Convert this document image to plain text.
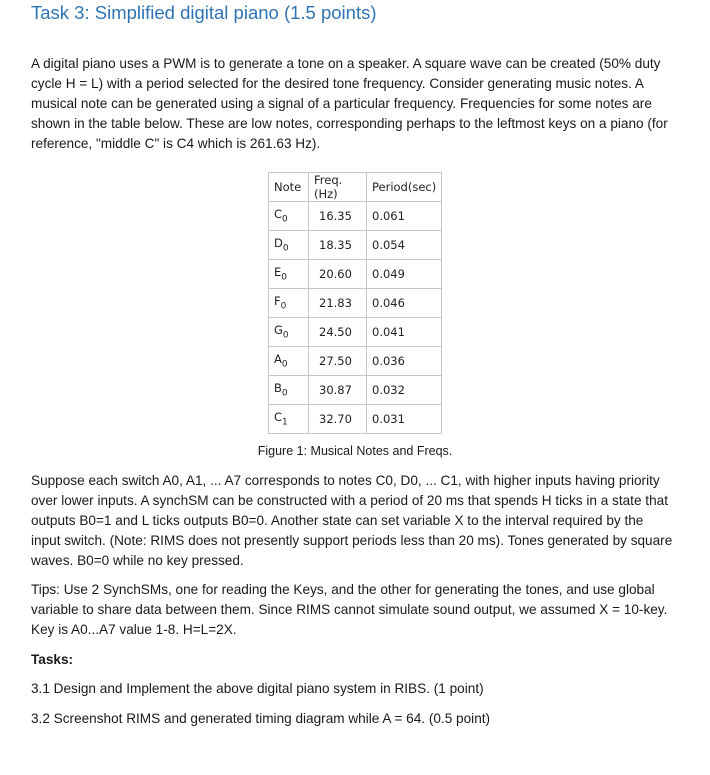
Task 3: Simplified digital piano (1.5 points)

A digital piano uses a PWM is to generate a tone on a speaker. A square wave can be created (50% duty cycle H = L) with a period selected for the desired tone frequency. Consider generating music notes. A musical note can be generated using a signal of a particular frequency. Frequencies for some notes are shown in the table below. These are low notes, corresponding perhaps to the leftmost keys on a piano (for reference, "middle C" is C4 which is 261.63 Hz).

Note	Freq.(Hz)	Period(sec)
$C_0$	16.35	0.061
$D_0$	18.35	0.054
$E_0$	20.60	0.049
$F_0$	21.83	0.046
$G_0$	24.50	0.041
$A_0$	27.50	0.036
$B_0$	30.87	0.032
$C_1$	32.70	0.031

Figure 1: Musical Notes and Freqs.

Suppose each switch A0, A1, ... A7 corresponds to notes C0, D0, ... C1, with higher inputs having priority over lower inputs. A synchSM can be constructed with a period of 20 ms that spends H ticks in a state that outputs B0=1 and L ticks outputs B0=0. Another state can set variable X to the interval required by the input switch. (Note: RIMS does not presently support periods less than 20 ms). Tones generated by square waves. B0=0 while no key pressed.

Tips: Use 2 SynchSMs, one for reading the Keys, and the other for generating the tones, and use global variable to share data between them. Since RIMS cannot simulate sound output, we assumed X = 10-key. Key is A0...A7 value 1-8. H=L=2X.

Tasks:

3.1 Design and Implement the above digital piano system in RIBS. (1 point)

3.2 Screenshot RIMS and generated timing diagram while A = 64. (0.5 point)
